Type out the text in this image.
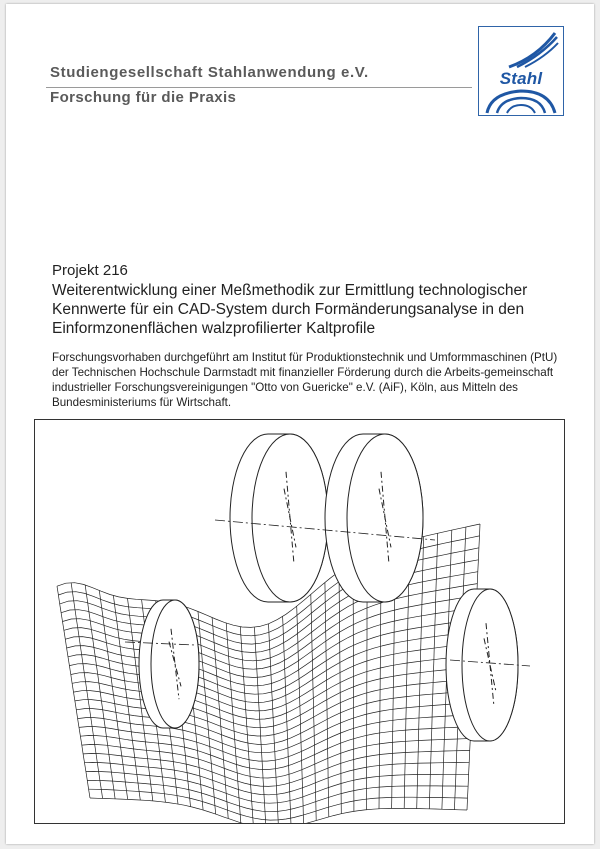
Studiengesellschaft Stahlanwendung e.V.
Forschung für die Praxis
Stahl
Projekt 216
Weiterentwicklung einer Meßmethodik zur Ermittlung technologischer Kennwerte für ein CAD-System durch Formänderungsanalyse in den Einformzonenflächen walzprofilierter Kaltprofile
Forschungsvorhaben durchgeführt am Institut für Produktionstechnik und Umformmaschinen (PtU) der Technischen Hochschule Darmstadt mit finanzieller Förderung durch die Arbeits-gemeinschaft industrieller Forschungsvereinigungen "Otto von Guericke" e.V. (AiF), Köln, aus Mitteln des Bundesministeriums für Wirtschaft.
